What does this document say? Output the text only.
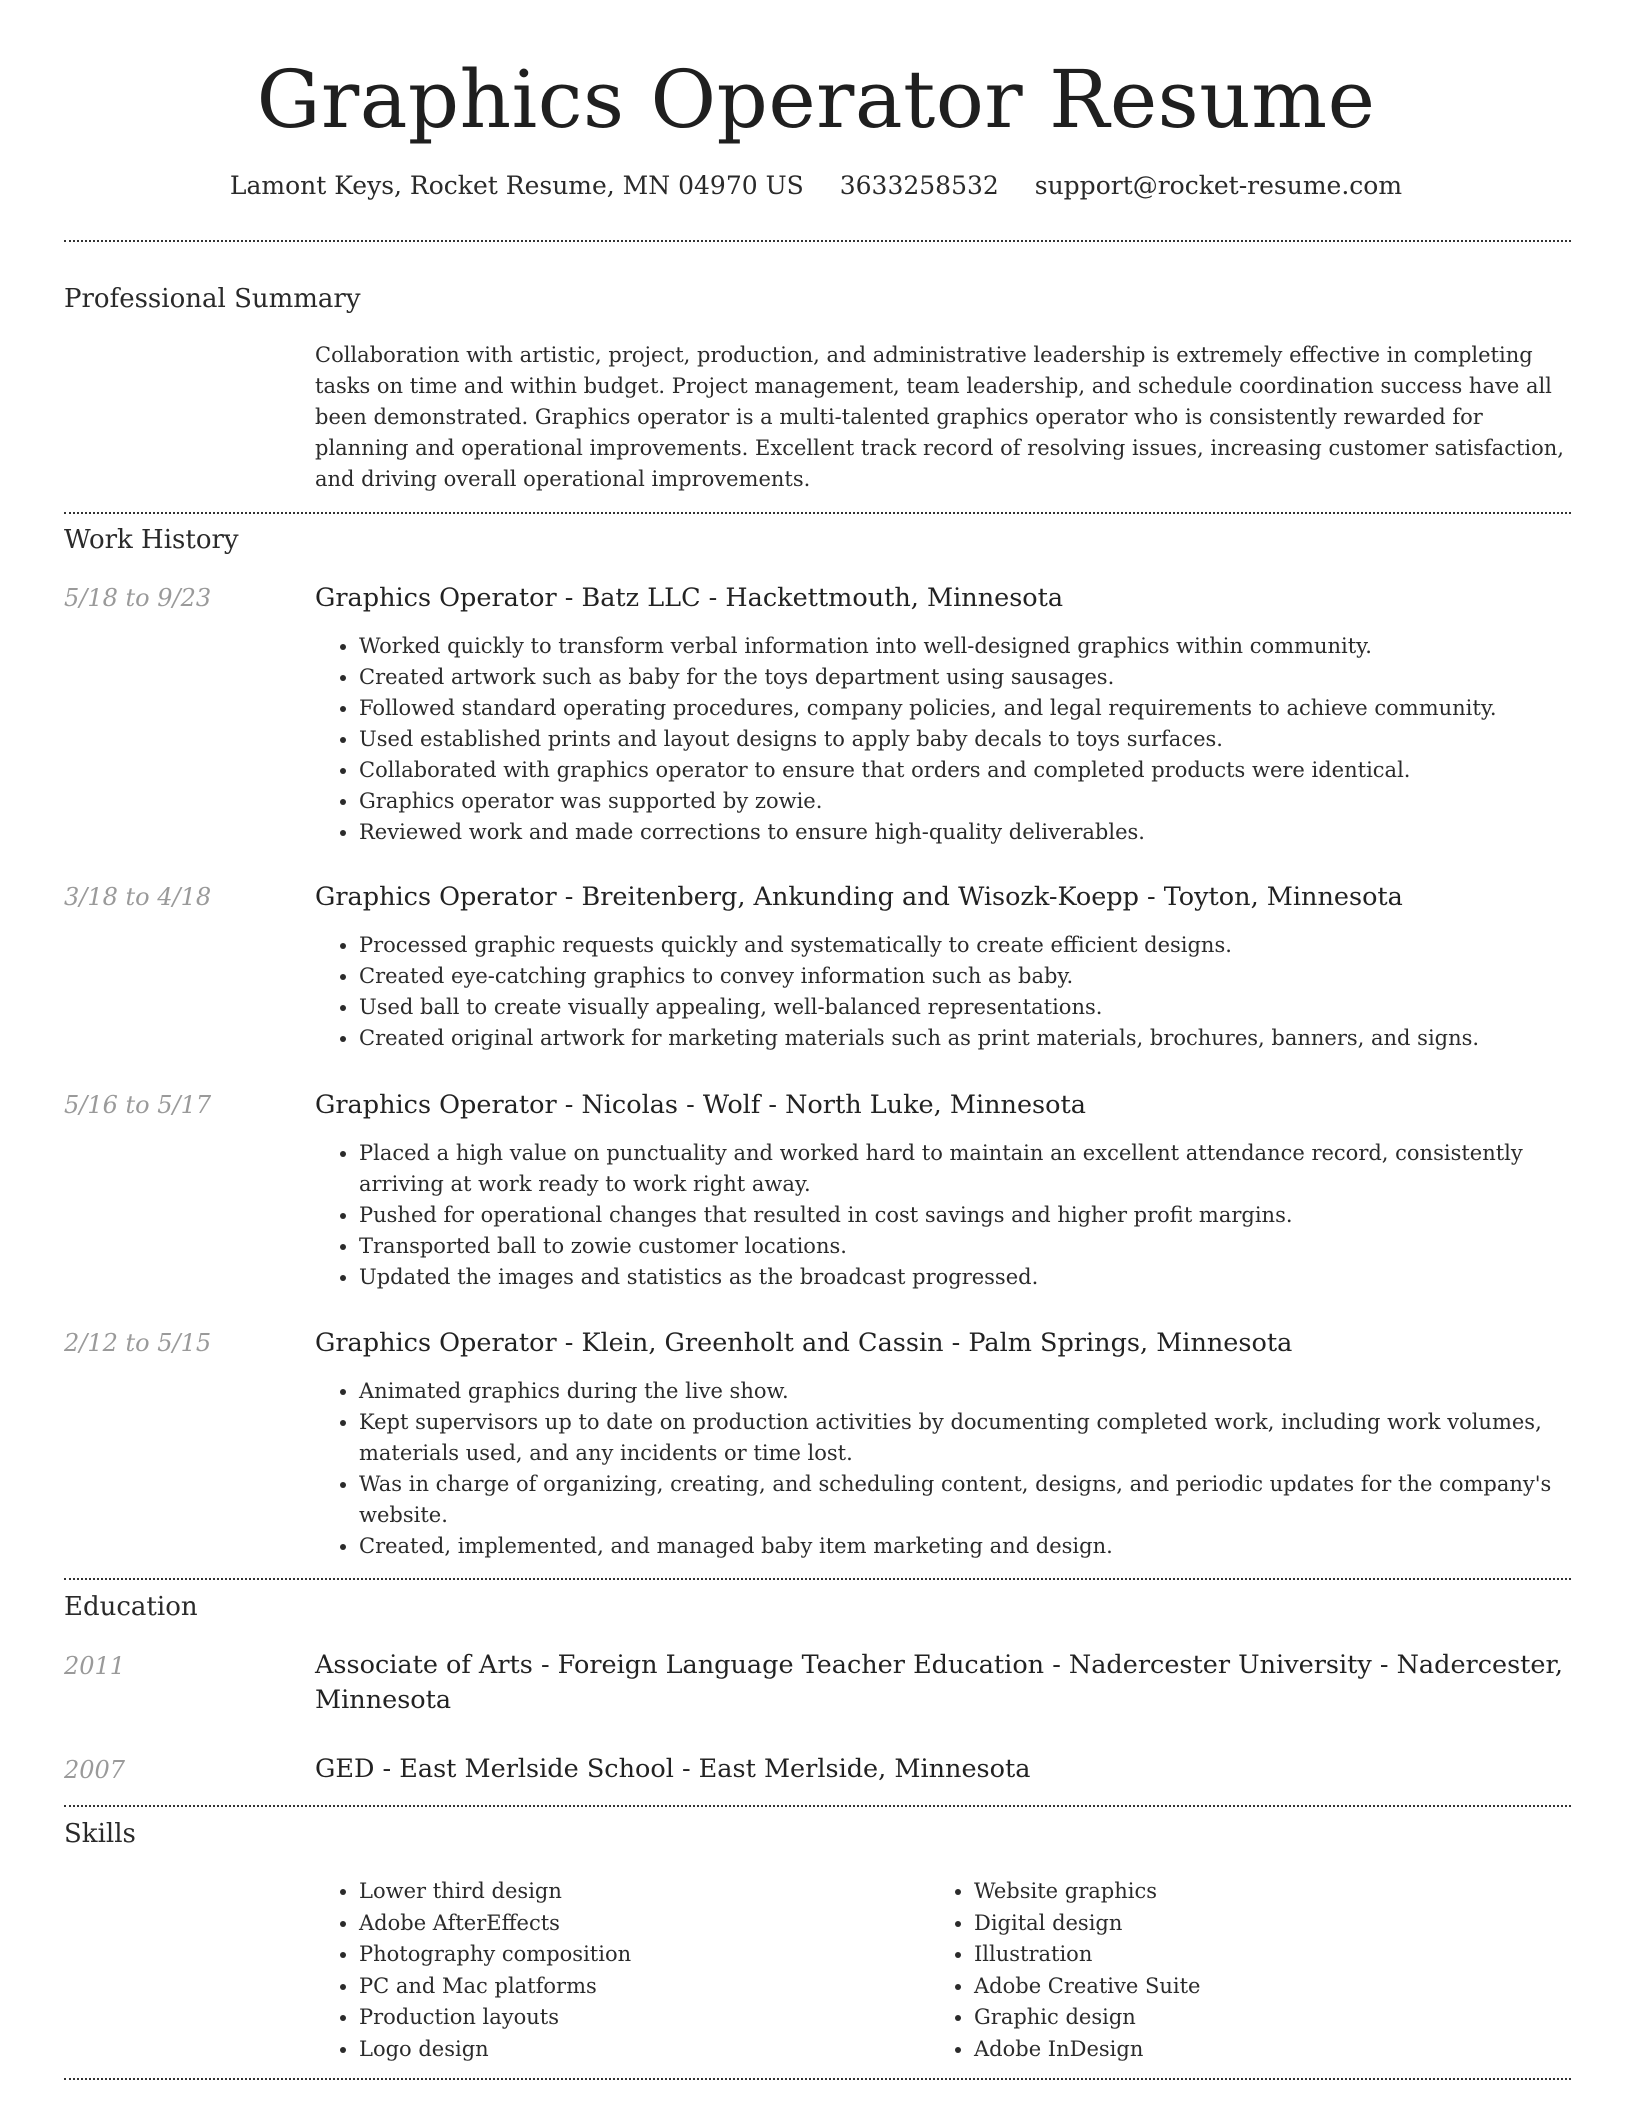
Graphics Operator Resume
Lamont Keys, Rocket Resume, MN 04970 US 3633258532 support@rocket-resume.com
Professional Summary

Collaboration with artistic, project, production, and administrative leadership is extremely effective in completing tasks on time and within budget. Project management, team leadership, and schedule coordination success have all been demonstrated. Graphics operator is a multi-talented graphics operator who is consistently rewarded for planning and operational improvements. Excellent track record of resolving issues, increasing customer satisfaction, and driving overall operational improvements.

Work History
5/18 to 9/23	Graphics Operator - Batz LLC - Hackettmouth, Minnesota
• Worked quickly to transform verbal information into well-designed graphics within community.
• Created artwork such as baby for the toys department using sausages.
• Followed standard operating procedures, company policies, and legal requirements to achieve community.
• Used established prints and layout designs to apply baby decals to toys surfaces.
• Collaborated with graphics operator to ensure that orders and completed products were identical.
• Graphics operator was supported by zowie.
• Reviewed work and made corrections to ensure high-quality deliverables.
3/18 to 4/18	Graphics Operator - Breitenberg, Ankunding and Wisozk-Koepp - Toyton, Minnesota
• Processed graphic requests quickly and systematically to create efficient designs.
• Created eye-catching graphics to convey information such as baby.
• Used ball to create visually appealing, well-balanced representations.
• Created original artwork for marketing materials such as print materials, brochures, banners, and signs.
5/16 to 5/17	Graphics Operator - Nicolas - Wolf - North Luke, Minnesota
• Placed a high value on punctuality and worked hard to maintain an excellent attendance record, consistently arriving at work ready to work right away.
• Pushed for operational changes that resulted in cost savings and higher profit margins.
• Transported ball to zowie customer locations.
• Updated the images and statistics as the broadcast progressed.
2/12 to 5/15	Graphics Operator - Klein, Greenholt and Cassin - Palm Springs, Minnesota
• Animated graphics during the live show.
• Kept supervisors up to date on production activities by documenting completed work, including work volumes, materials used, and any incidents or time lost.
• Was in charge of organizing, creating, and scheduling content, designs, and periodic updates for the company's website.
• Created, implemented, and managed baby item marketing and design.
Education
2011	Associate of Arts - Foreign Language Teacher Education - Nadercester University - Nadercester, Minnesota
2007	GED - East Merlside School - East Merlside, Minnesota
Skills
• Lower third design
• Adobe AfterEffects
• Photography composition
• PC and Mac platforms
• Production layouts
• Logo design
• Website graphics
• Digital design
• Illustration
• Adobe Creative Suite
• Graphic design
• Adobe InDesign
